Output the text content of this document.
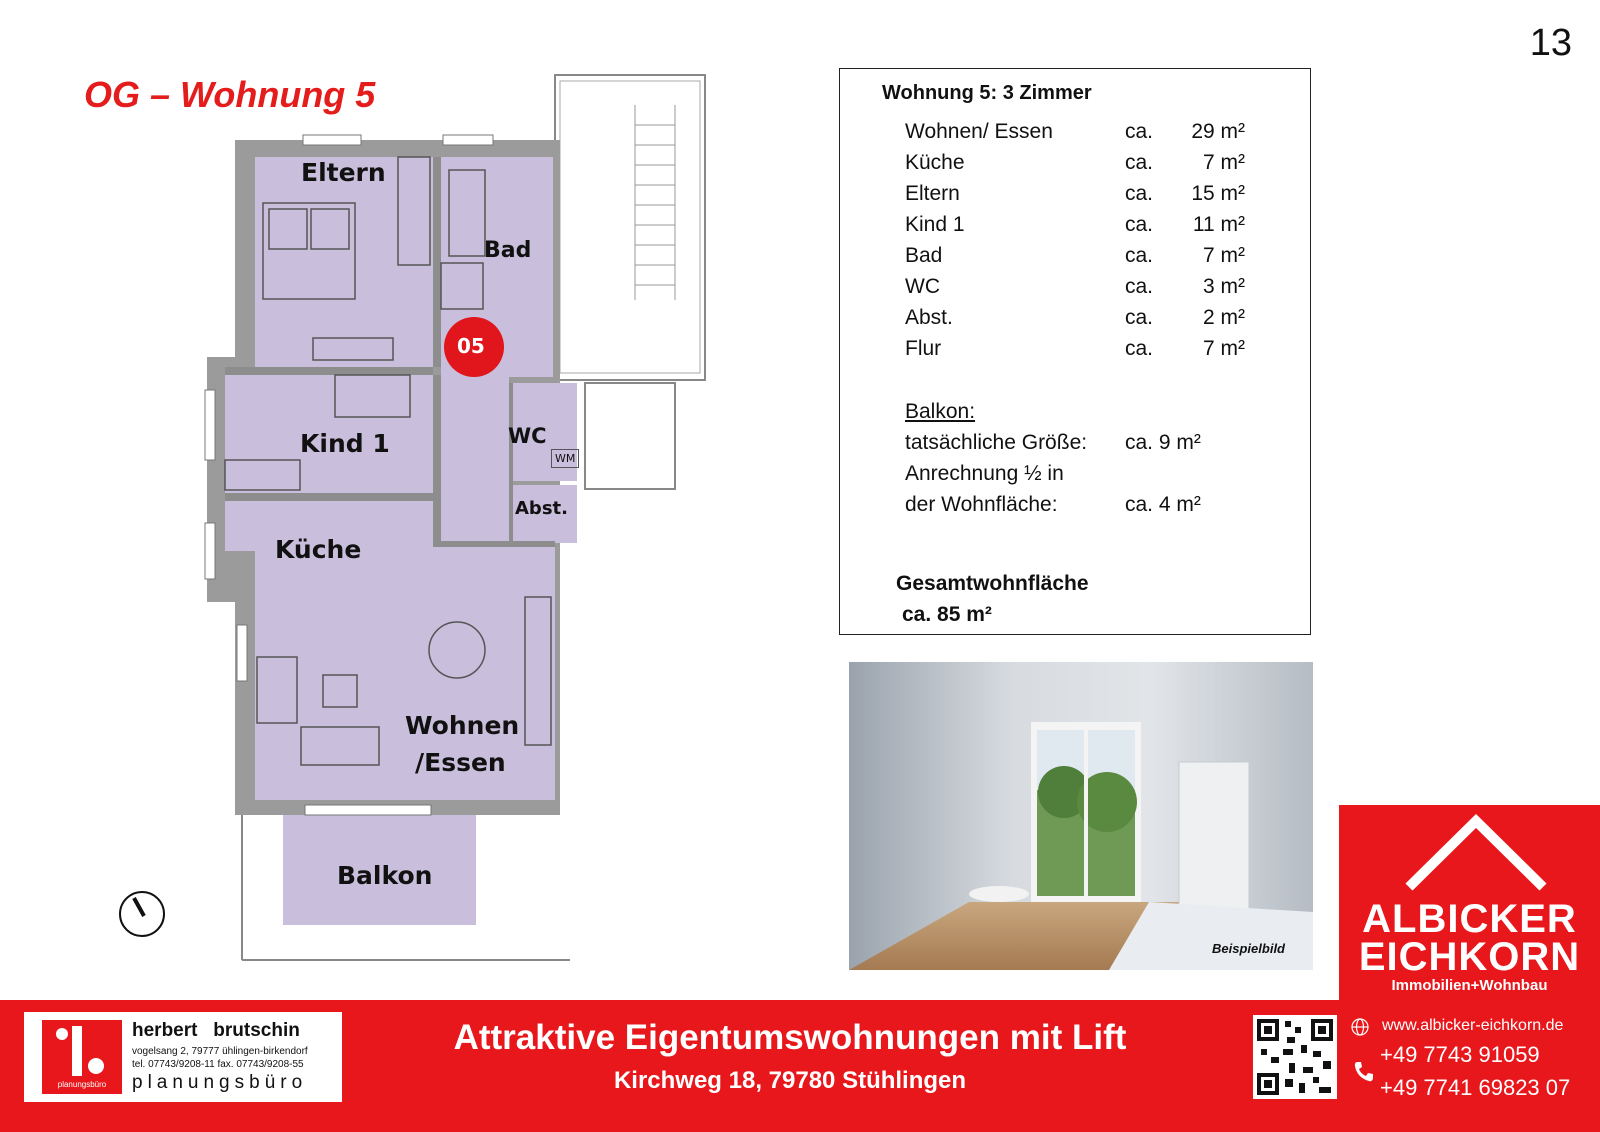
13
OG – Wohnung 5
05
Eltern
Bad
Kind 1	WC
WM
Abst.
Küche
Wohnen
/Essen
Balkon
Wohnung 5: 3 Zimmer
Wohnen/ Essen	ca.	29 m²
Küche	ca.	7 m²
Eltern	ca.	15 m²
Kind 1	ca.	11 m²
Bad	ca.	7 m²
WC	ca.	3 m²
Abst.	ca.	2 m²
Flur	ca.	7 m²
Balkon:
tatsächliche Größe: ca. 9 m²
Anrechnung ½ in
der Wohnfläche:	ca. 4 m²
Gesamtwohnfläche
ca. 85 m²
Beispielbild
ALBICKER
EICHKORN
Immobilien+Wohnbau
planungsbüro
herbert   brutschin
vogelsang 2, 79777 ühlingen-birkendorf
tel. 07743/9208-11 fax. 07743/9208-55
planungsbüro
Attraktive Eigentumswohnungen mit Lift
Kirchweg 18, 79780 Stühlingen
www.albicker-eichkorn.de
+49 7743 91059
+49 7741 69823 07
